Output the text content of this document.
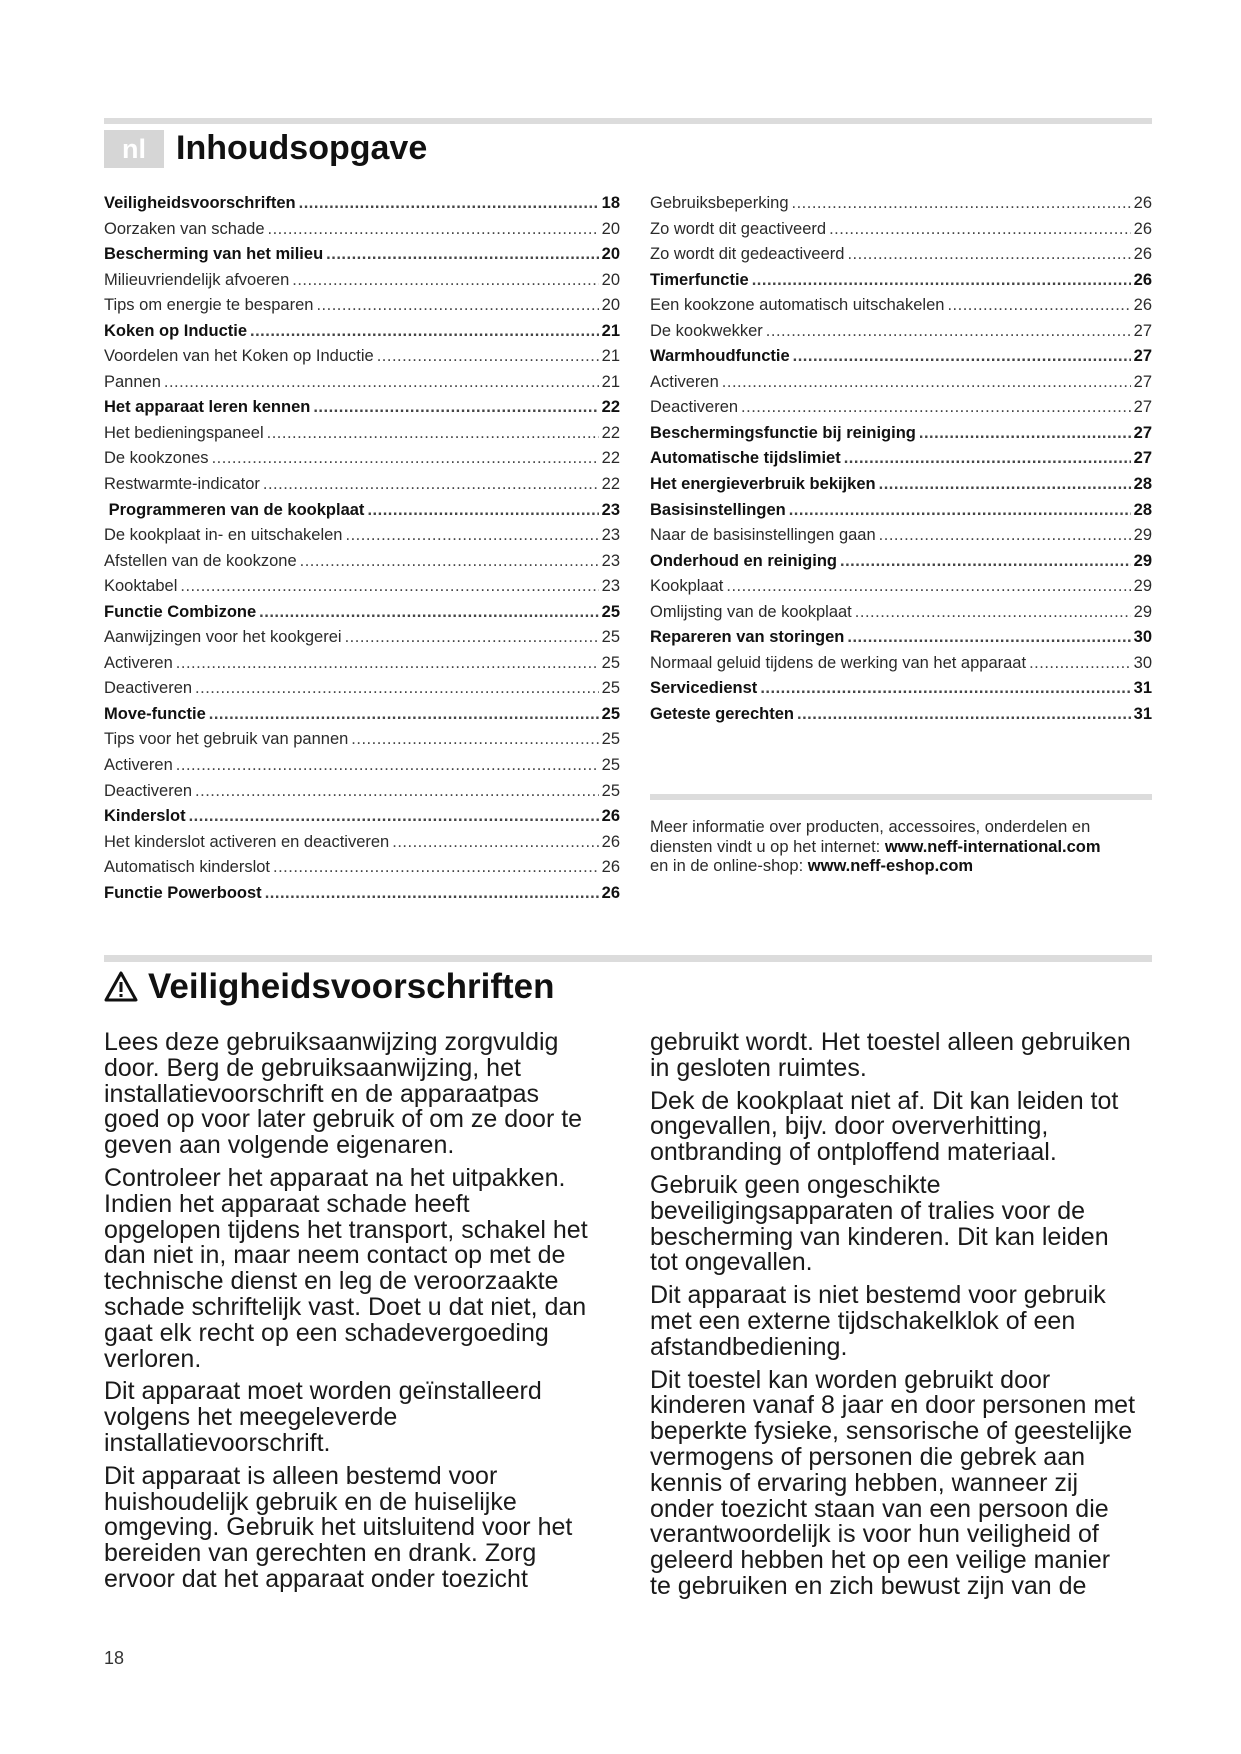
nl Inhoudsopgave
Veiligheidsvoorschriften .....	18
Oorzaken van schade .....	20
Bescherming van het milieu .....	20
Milieuvriendelijk afvoeren .....	20
Tips om energie te besparen .....	20
Koken op Inductie .....	21
Voordelen van het Koken op Inductie .....	21
Pannen .....	21
Het apparaat leren kennen .....	22
Het bedieningspaneel .....	22
De kookzones .....	22
Restwarmte-indicator .....	22
Programmeren van de kookplaat .....	23
De kookplaat in- en uitschakelen .....	23
Afstellen van de kookzone .....	23
Kooktabel .....	23
Functie Combizone .....	25
Aanwijzingen voor het kookgerei .....	25
Activeren .....	25
Deactiveren .....	25
Move-functie .....	25
Tips voor het gebruik van pannen .....	25
Activeren .....	25
Deactiveren .....	25
Kinderslot .....	26
Het kinderslot activeren en deactiveren .....	26
Automatisch kinderslot .....	26
Functie Powerboost .....	26
Gebruiksbeperking .....	26
Zo wordt dit geactiveerd .....	26
Zo wordt dit gedeactiveerd .....	26
Timerfunctie .....	26
Een kookzone automatisch uitschakelen .....	26
De kookwekker .....	27
Warmhoudfunctie .....	27
Activeren .....	27
Deactiveren .....	27
Beschermingsfunctie bij reiniging .....	27
Automatische tijdslimiet .....	27
Het energieverbruik bekijken .....	28
Basisinstellingen .....	28
Naar de basisinstellingen gaan .....	29
Onderhoud en reiniging .....	29
Kookplaat .....	29
Omlijsting van de kookplaat .....	29
Repareren van storingen .....	30
Normaal geluid tijdens de werking van het apparaat .....	30
Servicedienst .....	31
Geteste gerechten .....	31

Meer informatie over producten, accessoires, onderdelen en diensten vindt u op het internet: www.neff-international.com
en in de online-shop: www.neff-eshop.com

Veiligheidsvoorschriften

Lees deze gebruiksaanwijzing zorgvuldig
door. Berg de gebruiksaanwijzing, het
installatievoorschrift en de apparaatpas
goed op voor later gebruik of om ze door te
geven aan volgende eigenaren.

Controleer het apparaat na het uitpakken.
Indien het apparaat schade heeft
opgelopen tijdens het transport, schakel het
dan niet in, maar neem contact op met de
technische dienst en leg de veroorzaakte
schade schriftelijk vast. Doet u dat niet, dan
gaat elk recht op een schadevergoeding
verloren.

Dit apparaat moet worden geïnstalleerd
volgens het meegeleverde
installatievoorschrift.

Dit apparaat is alleen bestemd voor
huishoudelijk gebruik en de huiselijke
omgeving. Gebruik het uitsluitend voor het
bereiden van gerechten en drank. Zorg
ervoor dat het apparaat onder toezicht

gebruikt wordt. Het toestel alleen gebruiken
in gesloten ruimtes.

Dek de kookplaat niet af. Dit kan leiden tot
ongevallen, bijv. door oververhitting,
ontbranding of ontploffend materiaal.

Gebruik geen ongeschikte
beveiligingsapparaten of tralies voor de
bescherming van kinderen. Dit kan leiden
tot ongevallen.

Dit apparaat is niet bestemd voor gebruik
met een externe tijdschakelklok of een
afstandbediening.

Dit toestel kan worden gebruikt door
kinderen vanaf 8 jaar en door personen met
beperkte fysieke, sensorische of geestelijke
vermogens of personen die gebrek aan
kennis of ervaring hebben, wanneer zij
onder toezicht staan van een persoon die
verantwoordelijk is voor hun veiligheid of
geleerd hebben het op een veilige manier
te gebruiken en zich bewust zijn van de

18
